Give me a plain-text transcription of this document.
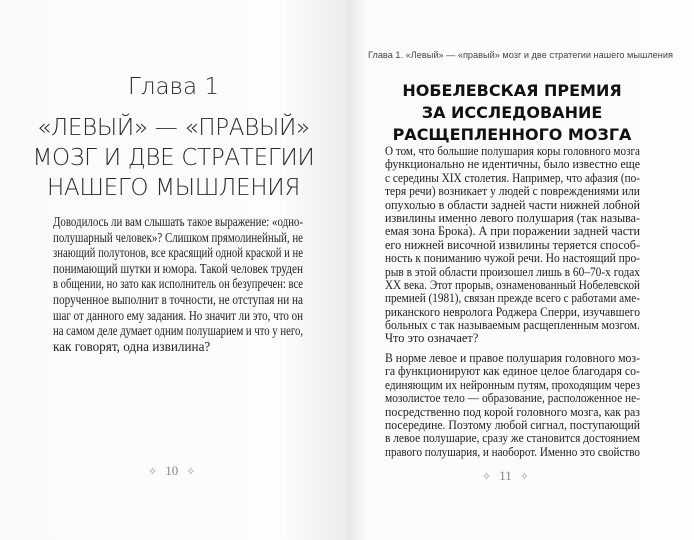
Глава 1
«ЛЕВЫЙ» — «ПРАВЫЙ»
МОЗГ И ДВЕ СТРАТЕГИИ
НАШЕГО МЫШЛЕНИЯ
Доводилось ли вам слышать такое выражение: «одно-
полушарный человек»? Слишком прямолинейный, не
знающий полутонов, все красящий одной краской и не
понимающий шутки и юмора. Такой человек труден
в общении, но зато как исполнитель он безупречен: все
порученное выполнит в точности, не отступая ни на
шаг от данного ему задания. Но значит ли это, что он
на самом деле думает одним полушарием и что у него,
как говорят, одна извилина?
✧ 10 ✧
Глава 1. «Левый» — «правый» мозг и две стратегии нашего мышления
НОБЕЛЕВСКАЯ ПРЕМИЯ
ЗА ИССЛЕДОВАНИЕ
РАСЩЕПЛЕННОГО МОЗГА
О том, что большие полушария коры головного мозга
функционально не идентичны, было известно еще
с середины XIX столетия. Например, что афазия (по-
теря речи) возникает у людей с повреждениями или
опухолью в области задней части нижней лобной
извилины именно левого полушария (так называ-
емая зона Брока́). А при поражении задней части
его нижней височной извилины теряется способ-
ность к пониманию чужой речи. Но настоящий про-
рыв в этой области произошел лишь в 60–70-х годах
XX века. Этот прорыв, ознаменованный Нобелевской
премией (1981), связан прежде всего с работами аме-
риканского невролога Роджера Сперри, изучавшего
больных с так называемым расщепленным мозгом.
Что это означает?
В норме левое и правое полушария головного моз-
га функционируют как единое целое благодаря со-
единяющим их нейронным путям, проходящим через
мозолистое тело — образование, расположенное не-
посредственно под корой головного мозга, как раз
посередине. Поэтому любой сигнал, поступающий
в левое полушарие, сразу же становится достоянием
правого полушария, и наоборот. Именно это свойство
✧ 11 ✧
